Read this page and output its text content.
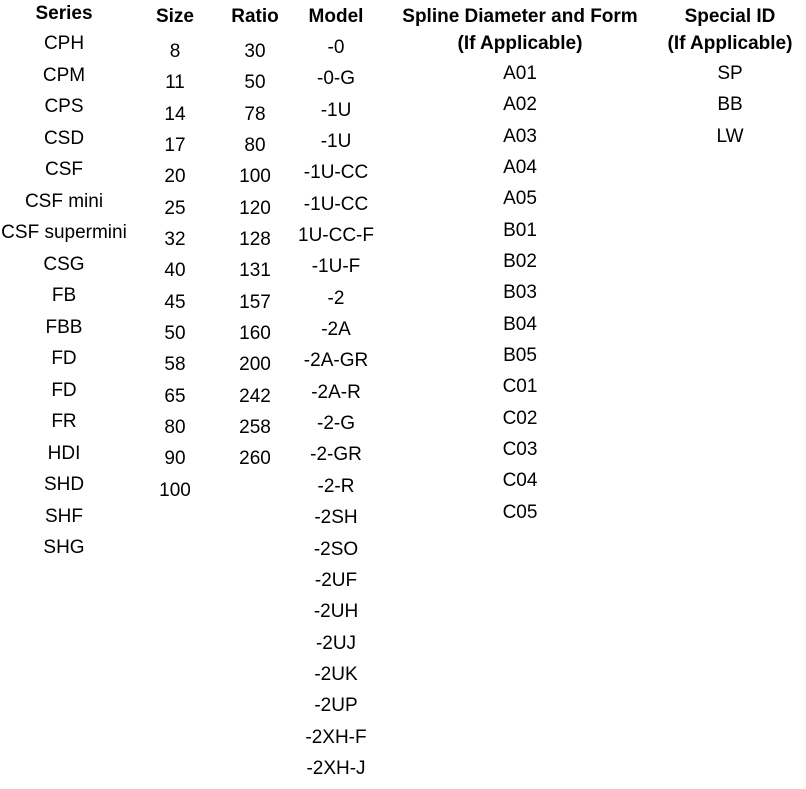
Series
CPH
CPM
CPS
CSD
CSF
CSF mini
CSF supermini
CSG
FB
FBB
FD
FD
FR
HDI
SHD
SHF
SHG
Size
8
11
14
17
20
25
32
40
45
50
58
65
80
90
100
Ratio
30
50
78
80
100
120
128
131
157
160
200
242
258
260
Model
-0
-0-G
-1U
-1U
-1U-CC
-1U-CC
1U-CC-F
-1U-F
-2
-2A
-2A-GR
-2A-R
-2-G
-2-GR
-2-R
-2SH
-2SO
-2UF
-2UH
-2UJ
-2UK
-2UP
-2XH-F
-2XH-J
Spline Diameter and Form
(If Applicable)
A01
A02
A03
A04
A05
B01
B02
B03
B04
B05
C01
C02
C03
C04
C05
Special ID
(If Applicable)
SP
BB
LW
